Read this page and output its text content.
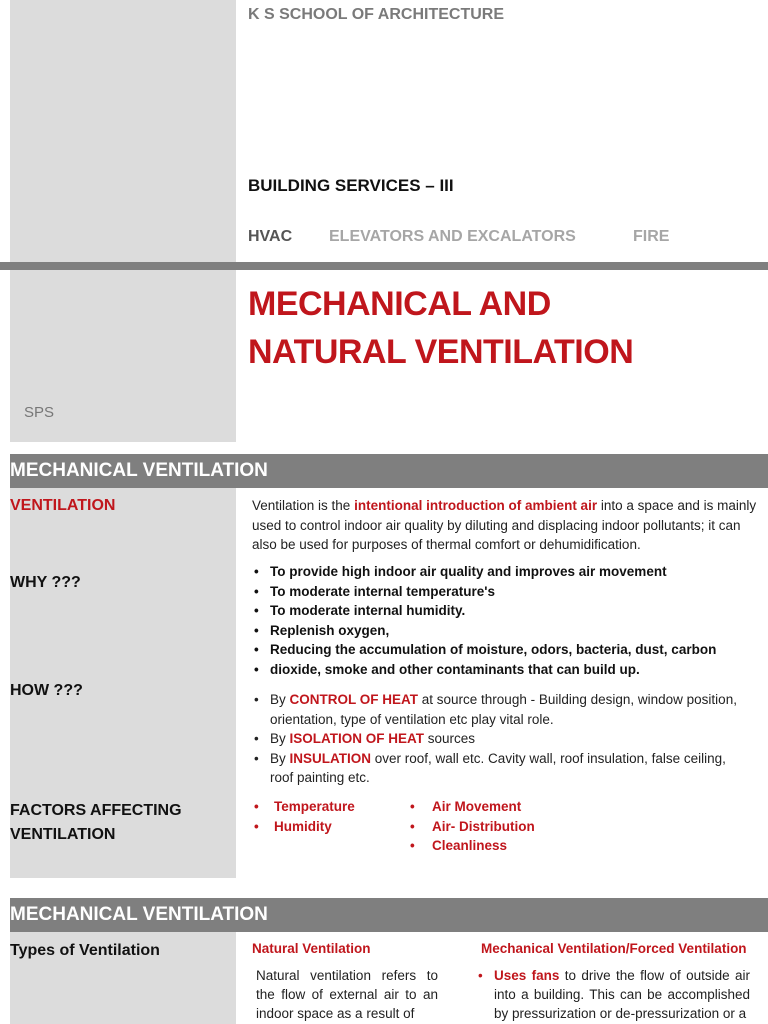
K S SCHOOL OF ARCHITECTURE
BUILDING SERVICES – III
HVAC ELEVATORS AND EXCALATORS	FIRE
MECHANICAL AND
NATURAL VENTILATION
SPS
MECHANICAL VENTILATION
VENTILATION	Ventilation is the intentional introduction of ambient air into a space and is mainly used to control indoor air quality by diluting and displacing indoor pollutants; it can also be used for purposes of thermal comfort or dehumidification.
WHY ???
• To provide high indoor air quality and improves air movement
• To moderate internal temperature's
• To moderate internal humidity.
• Replenish oxygen,
• Reducing the accumulation of moisture, odors, bacteria, dust, carbon
• dioxide, smoke and other contaminants that can build up.
HOW ???
• By CONTROL OF HEAT at source through - Building design, window position, orientation, type of ventilation etc play vital role.
• By ISOLATION OF HEAT sources
• By INSULATION over roof, wall etc. Cavity wall, roof insulation, false ceiling, roof painting etc.
FACTORS AFFECTING
VENTILATION
• Temperature
• Humidity
• Air Movement
• Air- Distribution
• Cleanliness
MECHANICAL VENTILATION
Types of Ventilation	Natural Ventilation
Natural ventilation refers to the flow of external air to an indoor space as a result of
Mechanical Ventilation/Forced Ventilation
• Uses fans to drive the flow of outside air into a building. This can be accomplished by pressurization or de-pressurization or a
